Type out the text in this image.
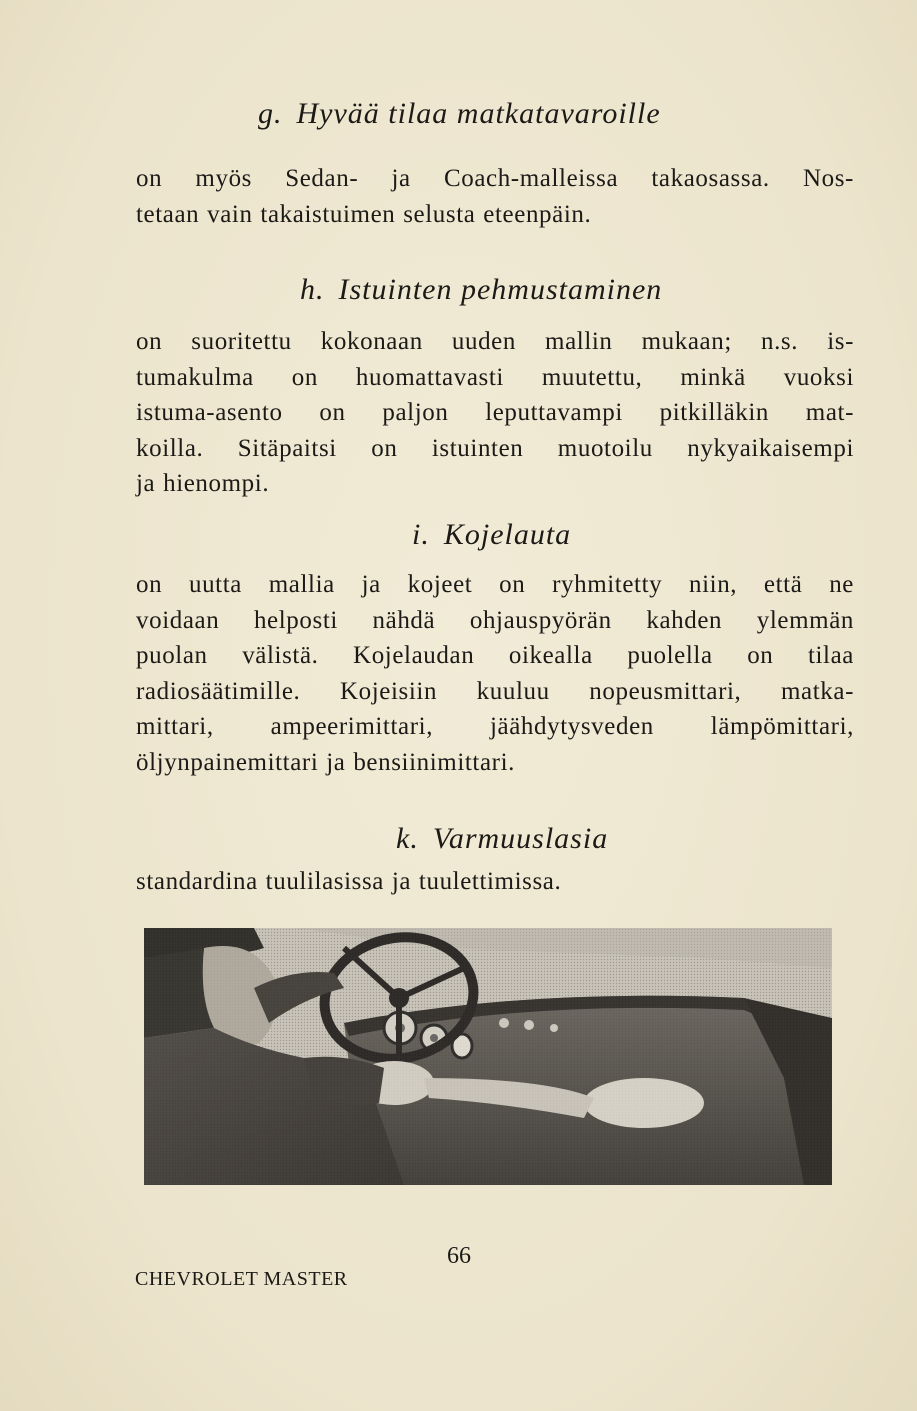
g. Hyvää tilaa matkatavaroille
on myös Sedan- ja Coach-malleissa takaosassa. Nos-
tetaan vain takaistuimen selusta eteenpäin.
h. Istuinten pehmustaminen
on suoritettu kokonaan uuden mallin mukaan; n.s. is-
tumakulma on huomattavasti muutettu, minkä vuoksi
istuma-asento on paljon leputtavampi pitkilläkin mat-
koilla. Sitäpaitsi on istuinten muotoilu nykyaikaisempi
ja hienompi.
i. Kojelauta
on uutta mallia ja kojeet on ryhmitetty niin, että ne
voidaan helposti nähdä ohjauspyörän kahden ylemmän
puolan välistä. Kojelaudan oikealla puolella on tilaa
radiosäätimille. Kojeisiin kuuluu nopeusmittari, matka-
mittari, ampeerimittari, jäähdytysveden lämpömittari,
öljynpainemittari ja bensiinimittari.
k. Varmuuslasia
standardina tuulilasissa ja tuulettimissa.
66
CHEVROLET MASTER
